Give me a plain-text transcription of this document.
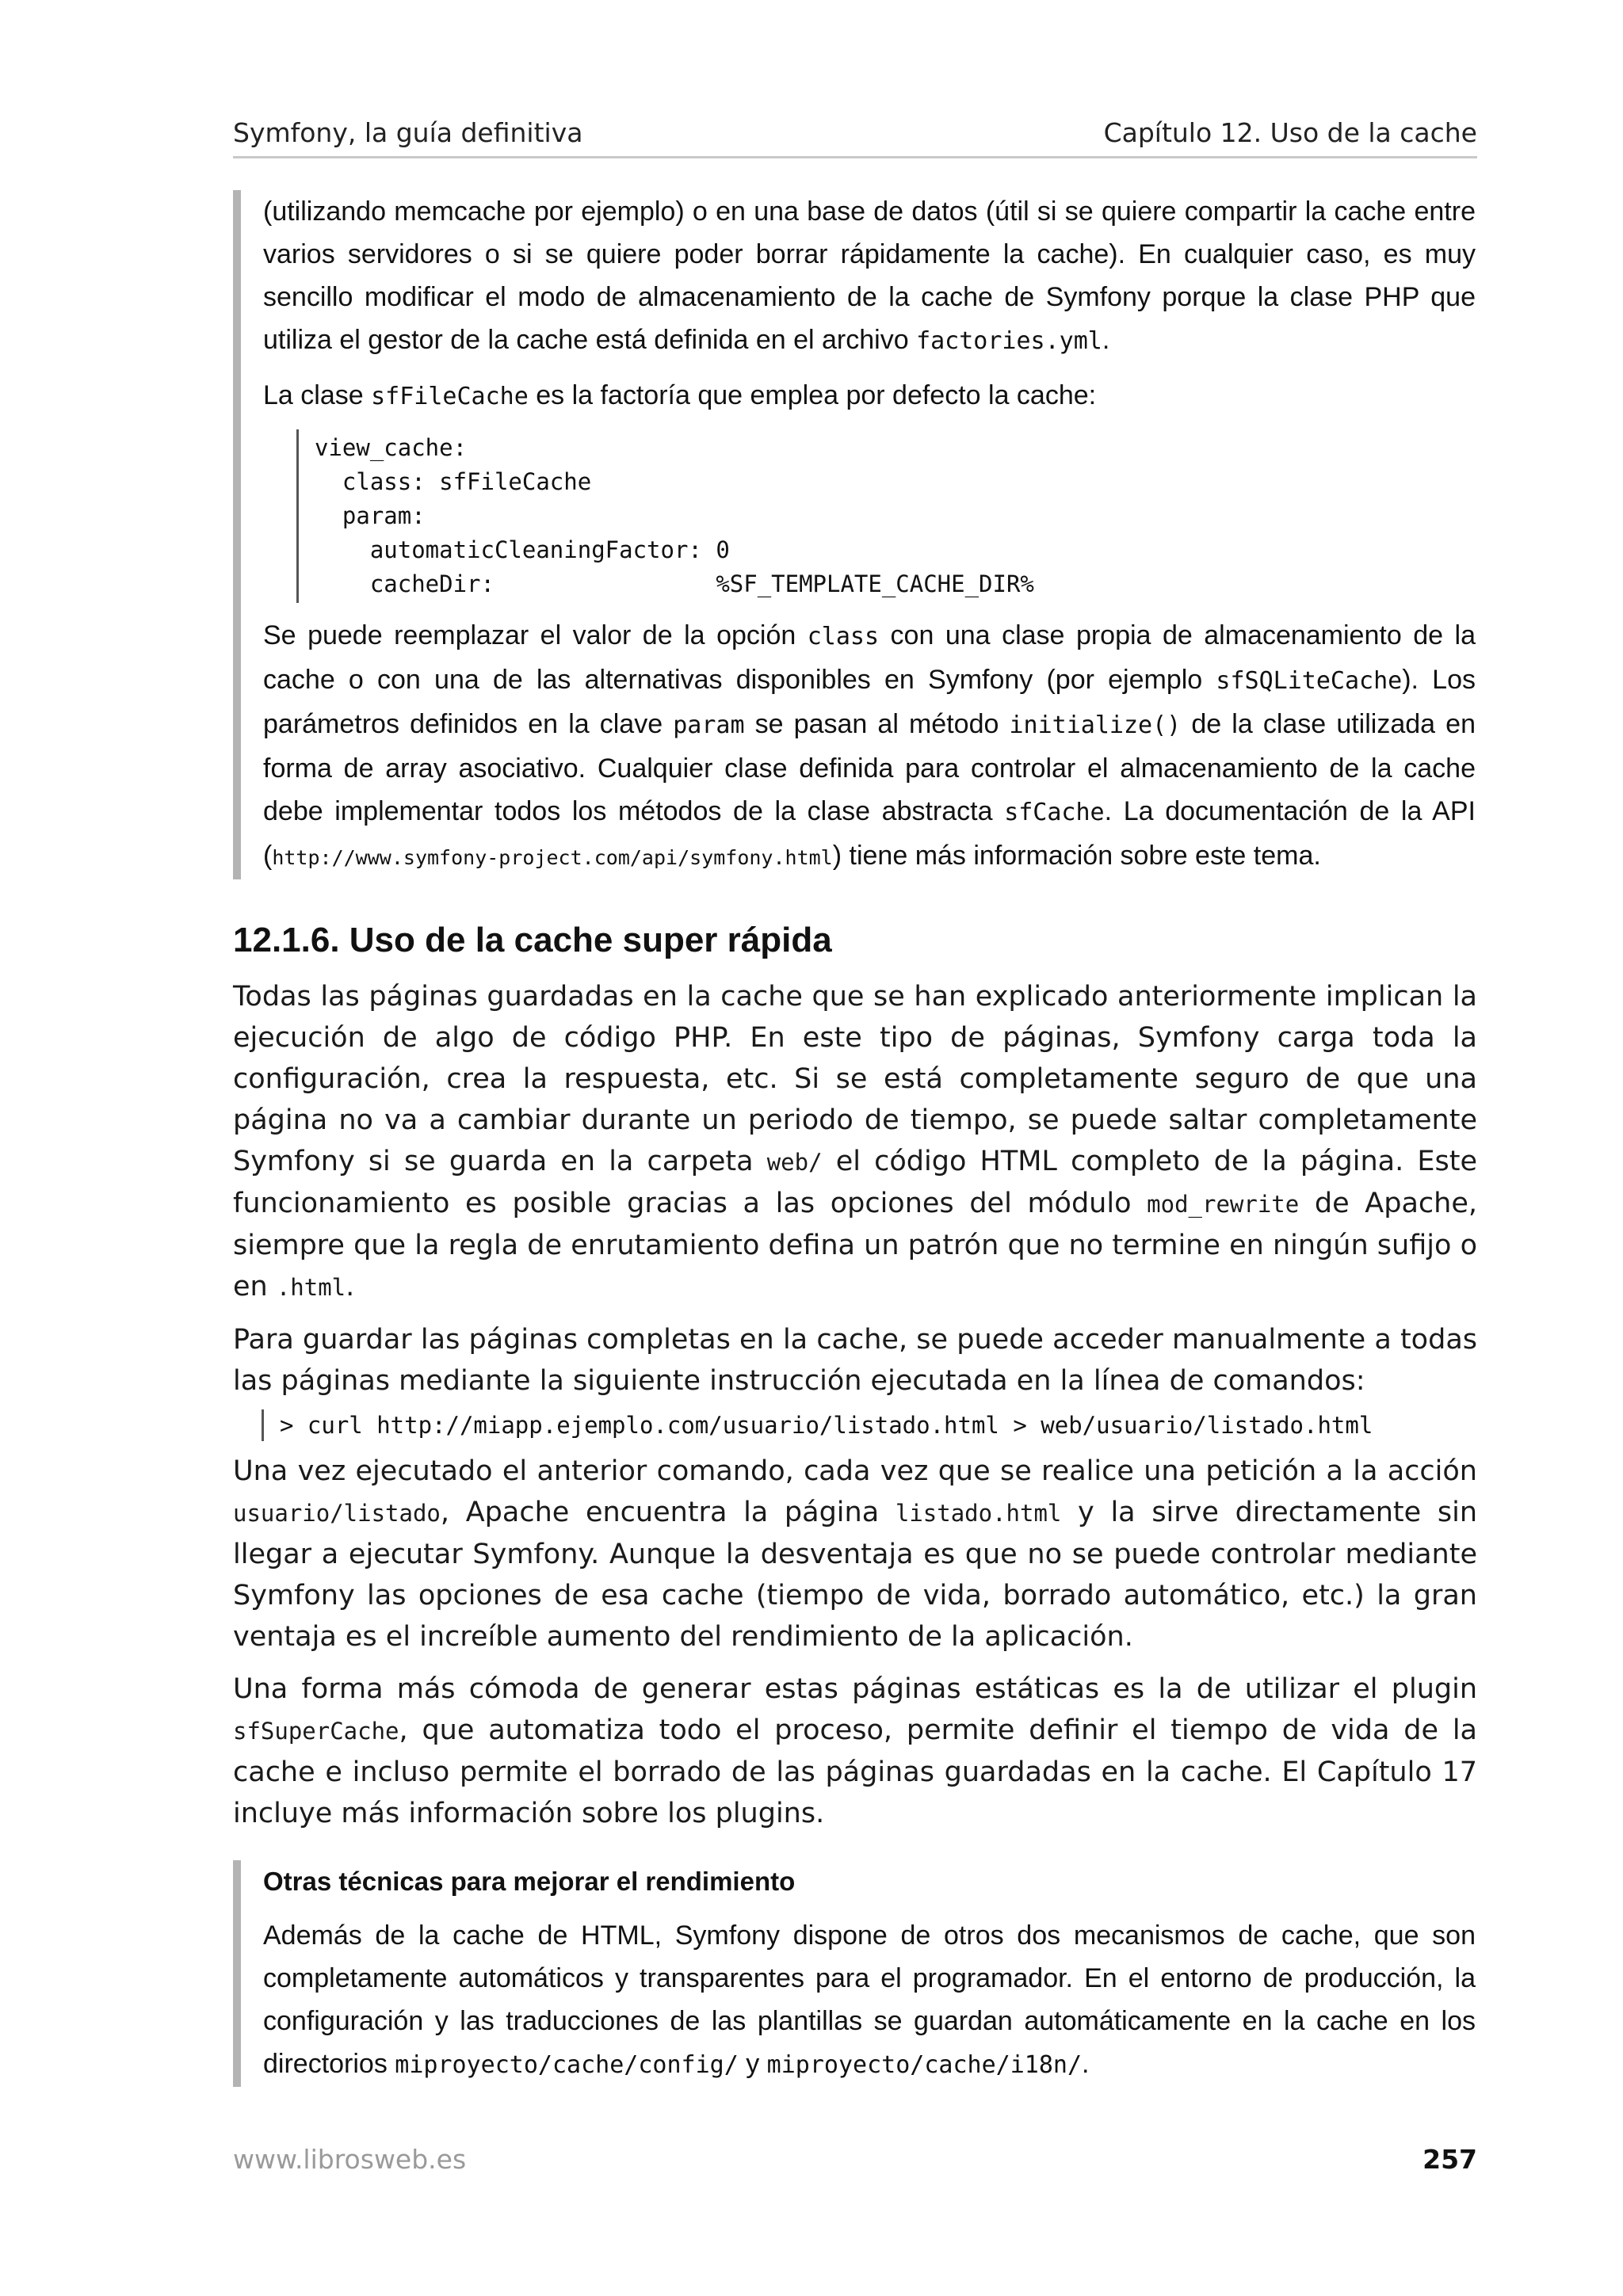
Symfony, la guía definitiva	Capítulo 12. Uso de la cache

(utilizando memcache por ejemplo) o en una base de datos (útil si se quiere compartir la cache entre varios servidores o si se quiere poder borrar rápidamente la cache). En cualquier caso, es muy sencillo modificar el modo de almacenamiento de la cache de Symfony porque la clase PHP que utiliza el gestor de la cache está definida en el archivo factories.yml.

La clase sfFileCache es la factoría que emplea por defecto la cache:

view_cache:
class: sfFileCache
param:
automaticCleaningFactor: 0
cacheDir:                %SF_TEMPLATE_CACHE_DIR%

Se puede reemplazar el valor de la opción class con una clase propia de almacenamiento de la cache o con una de las alternativas disponibles en Symfony (por ejemplo sfSQLiteCache). Los parámetros definidos en la clave param se pasan al método initialize() de la clase utilizada en forma de array asociativo. Cualquier clase definida para controlar el almacenamiento de la cache debe implementar todos los métodos de la clase abstracta sfCache. La documentación de la API (http://www.symfony-project.com/api/symfony.html) tiene más información sobre este tema.

12.1.6. Uso de la cache super rápida

Todas las páginas guardadas en la cache que se han explicado anteriormente implican la ejecución de algo de código PHP. En este tipo de páginas, Symfony carga toda la configuración, crea la respuesta, etc. Si se está completamente seguro de que una página no va a cambiar durante un periodo de tiempo, se puede saltar completamente Symfony si se guarda en la carpeta web/ el código HTML completo de la página. Este funcionamiento es posible gracias a las opciones del módulo mod_rewrite de Apache, siempre que la regla de enrutamiento defina un patrón que no termine en ningún sufijo o en .html.

Para guardar las páginas completas en la cache, se puede acceder manualmente a todas las páginas mediante la siguiente instrucción ejecutada en la línea de comandos:

> curl http://miapp.ejemplo.com/usuario/listado.html > web/usuario/listado.html

Una vez ejecutado el anterior comando, cada vez que se realice una petición a la acción usuario/listado, Apache encuentra la página listado.html y la sirve directamente sin llegar a ejecutar Symfony. Aunque la desventaja es que no se puede controlar mediante Symfony las opciones de esa cache (tiempo de vida, borrado automático, etc.) la gran ventaja es el increíble aumento del rendimiento de la aplicación.

Una forma más cómoda de generar estas páginas estáticas es la de utilizar el plugin sfSuperCache, que automatiza todo el proceso, permite definir el tiempo de vida de la cache e incluso permite el borrado de las páginas guardadas en la cache. El Capítulo 17 incluye más información sobre los plugins.

Otras técnicas para mejorar el rendimiento

Además de la cache de HTML, Symfony dispone de otros dos mecanismos de cache, que son completamente automáticos y transparentes para el programador. En el entorno de producción, la configuración y las traducciones de las plantillas se guardan automáticamente en la cache en los directorios miproyecto/cache/config/ y miproyecto/cache/i18n/.

www.librosweb.es	257
